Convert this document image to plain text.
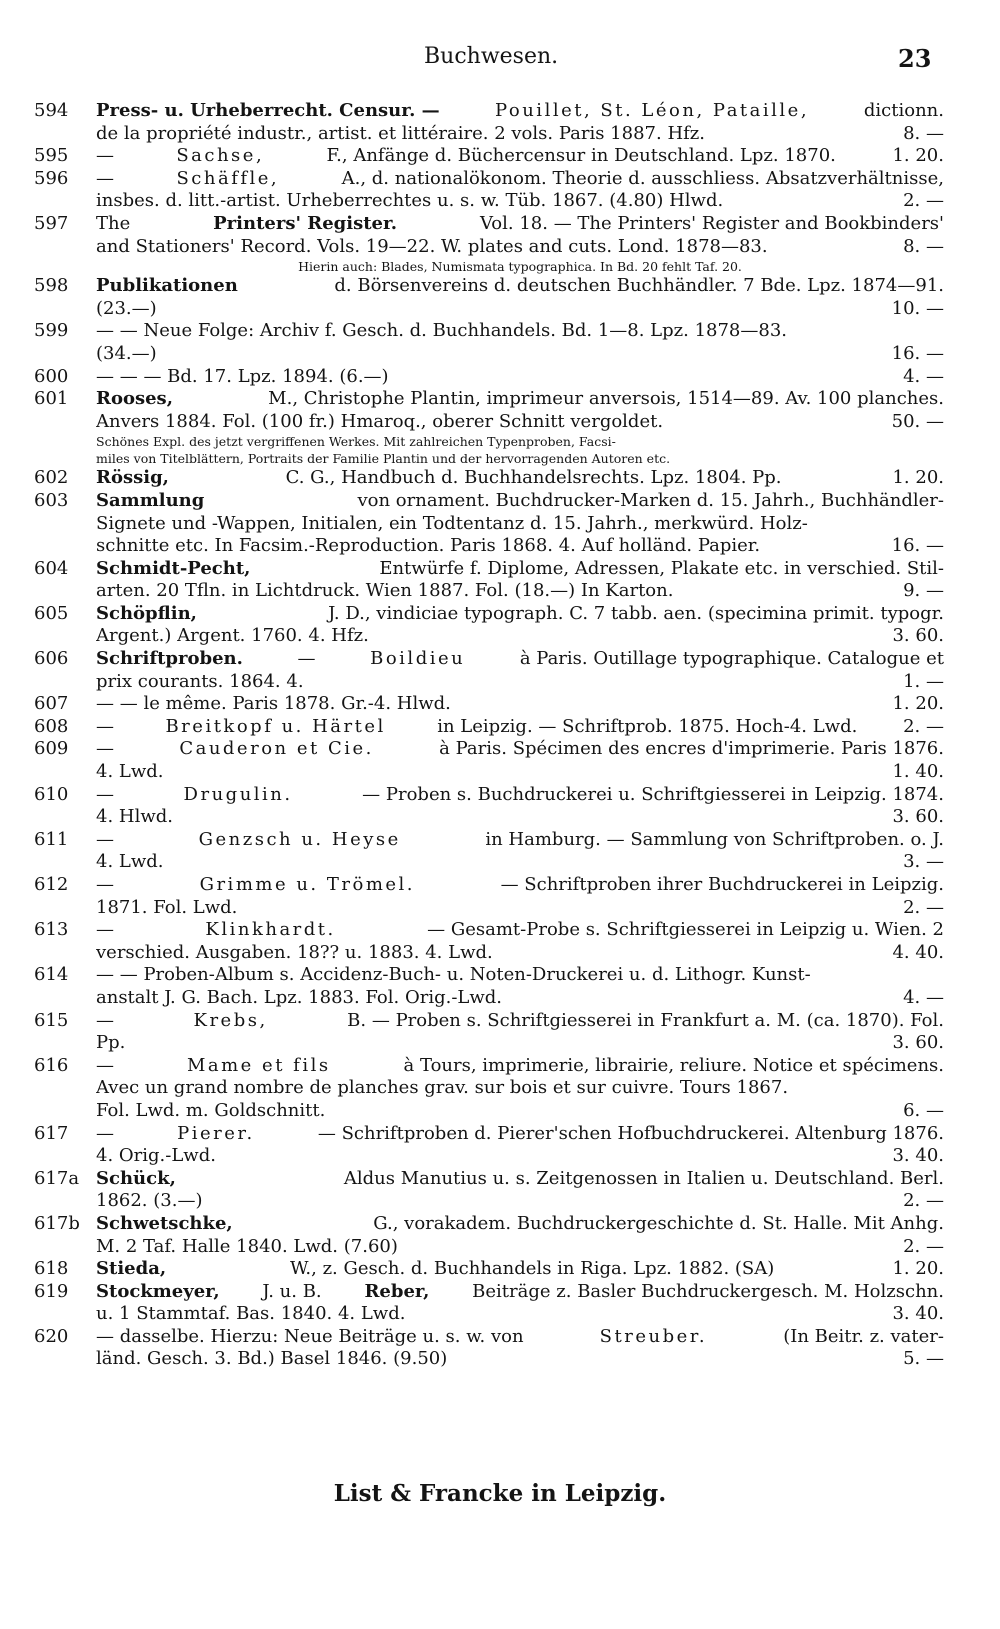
Buchwesen.	23
594	Press- u. Urheberrecht. Censur. —	Pouillet, St. Léon, Pataille,	dictionn.
de la propriété industr., artist. et littéraire. 2 vols. Paris 1887. Hfz.	8. —
595	—	Sachse,	F., Anfänge d. Büchercensur in Deutschland. Lpz. 1870.	1. 20.
596	—	Schäffle,	A., d. nationalökonom. Theorie d. ausschliess. Absatzverhältnisse,
insbes. d. litt.-artist. Urheberrechtes u. s. w. Tüb. 1867. (4.80) Hlwd.	2. —
597	The	Printers' Register.	Vol. 18. — The Printers' Register and Bookbinders'
and Stationers' Record. Vols. 19—22. W. plates and cuts. Lond. 1878—83.	8. —
Hierin auch: Blades, Numismata typographica. In Bd. 20 fehlt Taf. 20.
598	Publikationen	d. Börsenvereins d. deutschen Buchhändler. 7 Bde. Lpz. 1874—91.
(23.—)	10. —
599	— — Neue Folge: Archiv f. Gesch. d. Buchhandels. Bd. 1—8. Lpz. 1878—83.
(34.—)	16. —
600	— — — Bd. 17. Lpz. 1894. (6.—)	4. —
601	Rooses,	M., Christophe Plantin, imprimeur anversois, 1514—89. Av. 100 planches.
Anvers 1884. Fol. (100 fr.) Hmaroq., oberer Schnitt vergoldet.	50. —
Schönes Expl. des jetzt vergriffenen Werkes. Mit zahlreichen Typenproben, Facsi-
miles von Titelblättern, Portraits der Familie Plantin und der hervorragenden Autoren etc.
602	Rössig,	C. G., Handbuch d. Buchhandelsrechts. Lpz. 1804. Pp.	1. 20.
603	Sammlung	von ornament. Buchdrucker-Marken d. 15. Jahrh., Buchhändler-
Signete und -Wappen, Initialen, ein Todtentanz d. 15. Jahrh., merkwürd. Holz-
schnitte etc. In Facsim.-Reproduction. Paris 1868. 4. Auf holländ. Papier.	16. —
604	Schmidt-Pecht,	Entwürfe f. Diplome, Adressen, Plakate etc. in verschied. Stil-
arten. 20 Tfln. in Lichtdruck. Wien 1887. Fol. (18.—) In Karton.	9. —
605	Schöpflin,	J. D., vindiciae typograph. C. 7 tabb. aen. (specimina primit. typogr.
Argent.) Argent. 1760. 4. Hfz.	3. 60.
606	Schriftproben.	—	Boildieu	à Paris. Outillage typographique. Catalogue et
prix courants. 1864. 4.	1. —
607	— — le même. Paris 1878. Gr.-4. Hlwd.	1. 20.
608	—	Breitkopf u. Härtel	in Leipzig. — Schriftprob. 1875. Hoch-4. Lwd.	2. —
609	—	Cauderon et Cie.	à Paris. Spécimen des encres d'imprimerie. Paris 1876.
4. Lwd.	1. 40.
610	—	Drugulin.	— Proben s. Buchdruckerei u. Schriftgiesserei in Leipzig. 1874.
4. Hlwd.	3. 60.
611	—	Genzsch u. Heyse	in Hamburg. — Sammlung von Schriftproben. o. J.
4. Lwd.	3. —
612	—	Grimme u. Trömel.	— Schriftproben ihrer Buchdruckerei in Leipzig.
1871. Fol. Lwd.	2. —
613	—	Klinkhardt.	— Gesamt-Probe s. Schriftgiesserei in Leipzig u. Wien. 2
verschied. Ausgaben. 18?? u. 1883. 4. Lwd.	4. 40.
614	— — Proben-Album s. Accidenz-Buch- u. Noten-Druckerei u. d. Lithogr. Kunst-
anstalt J. G. Bach. Lpz. 1883. Fol. Orig.-Lwd.	4. —
615	—	Krebs,	B. — Proben s. Schriftgiesserei in Frankfurt a. M. (ca. 1870). Fol.
Pp.	3. 60.
616	—	Mame et fils	à Tours, imprimerie, librairie, reliure. Notice et spécimens.
Avec un grand nombre de planches grav. sur bois et sur cuivre. Tours 1867.
Fol. Lwd. m. Goldschnitt.	6. —
617	—	Pierer.	— Schriftproben d. Pierer'schen Hofbuchdruckerei. Altenburg 1876.
4. Orig.-Lwd.	3. 40.
617a Schück,	Aldus Manutius u. s. Zeitgenossen in Italien u. Deutschland. Berl.
1862. (3.—)	2. —
617b Schwetschke,	G., vorakadem. Buchdruckergeschichte d. St. Halle. Mit Anhg.
M. 2 Taf. Halle 1840. Lwd. (7.60)	2. —
618	Stieda,	W., z. Gesch. d. Buchhandels in Riga. Lpz. 1882. (SA)	1. 20.
619	Stockmeyer, J. u. B. Reber, Beiträge z. Basler Buchdruckergesch. M. Holzschn.
u. 1 Stammtaf. Bas. 1840. 4. Lwd.	3. 40.
620	— dasselbe. Hierzu: Neue Beiträge u. s. w. von	Streuber.	(In Beitr. z. vater-
länd. Gesch. 3. Bd.) Basel 1846. (9.50)	5. —
List & Francke in Leipzig.
